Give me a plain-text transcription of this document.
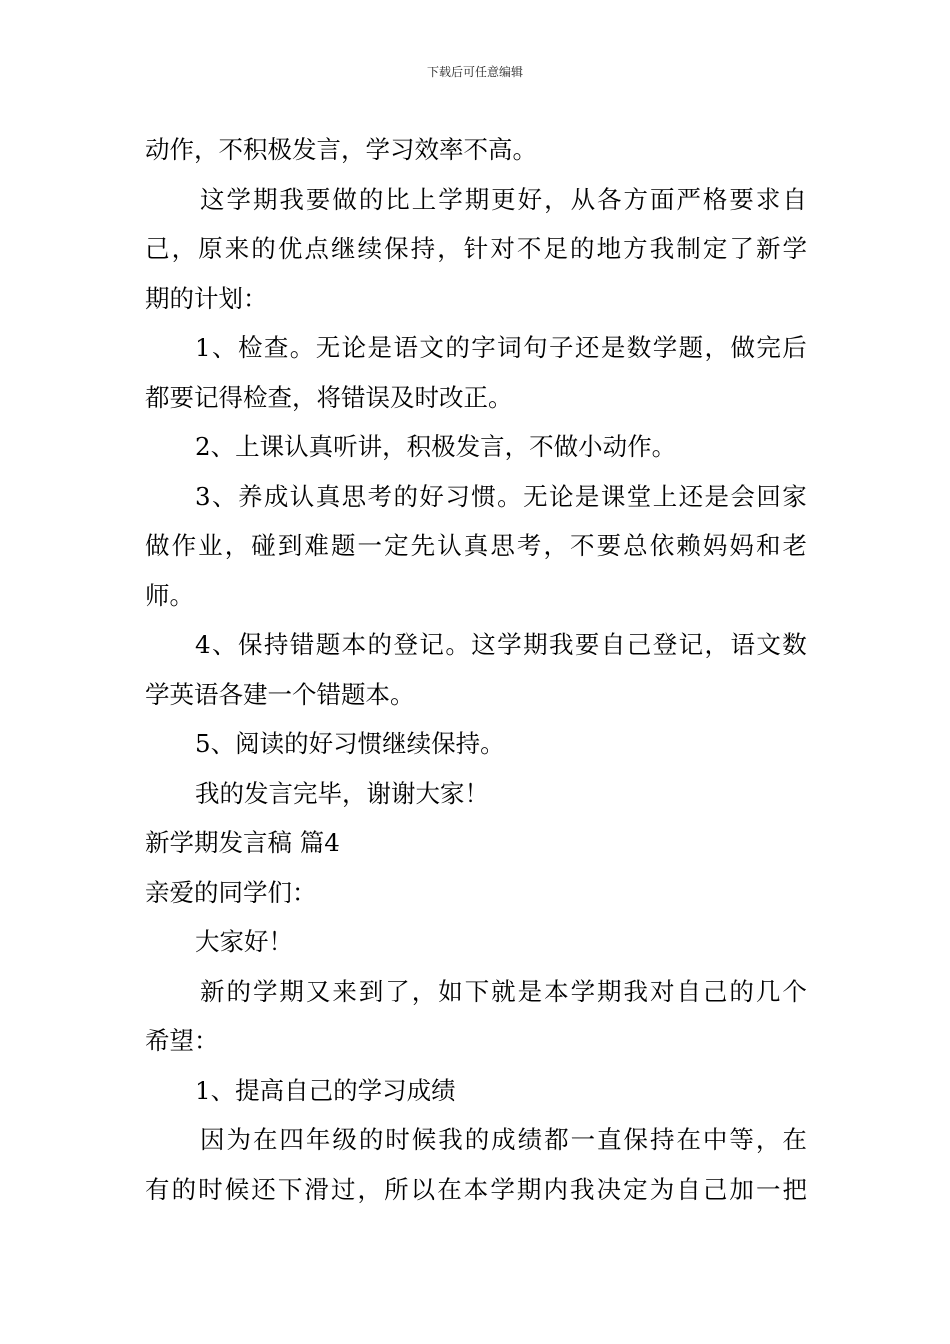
下载后可任意编辑
动作，不积极发言，学习效率不高。
这 学 期 我 要 做 的 比 上 学 期 更 好 ， 从 各 方 面 严 格 要 求 自
己 ， 原 来 的 优 点 继 续 保 持 ， 针 对 不 足 的 地 方 我 制 定 了 新 学
期的计划：
1 、 检 查 。 无 论 是 语 文 的 字 词 句 子 还 是 数 学 题 ， 做 完 后
都要记得检查，将错误及时改正。
2、上课认真听讲，积极发言，不做小动作。
3 、 养 成 认 真 思 考 的 好 习 惯 。 无 论 是 课 堂 上 还 是 会 回 家
做 作 业 ， 碰 到 难 题 一 定 先 认 真 思 考 ， 不 要 总 依 赖 妈 妈 和 老
师。
4 、 保 持 错 题 本 的 登 记 。 这 学 期 我 要 自 己 登 记 ， 语 文 数
学英语各建一个错题本。
5、阅读的好习惯继续保持。
我的发言完毕，谢谢大家！
新学期发言稿 篇4
亲爱的同学们：
大家好！
新 的 学 期 又 来 到 了 ， 如 下 就 是 本 学 期 我 对 自 己 的 几 个
希望：
1、提高自己的学习成绩
因 为 在 四 年 级 的 时 候 我 的 成 绩 都 一 直 保 持 在 中 等 ， 在
有 的 时 候 还 下 滑 过 ， 所 以 在 本 学 期 内 我 决 定 为 自 己 加 一 把
